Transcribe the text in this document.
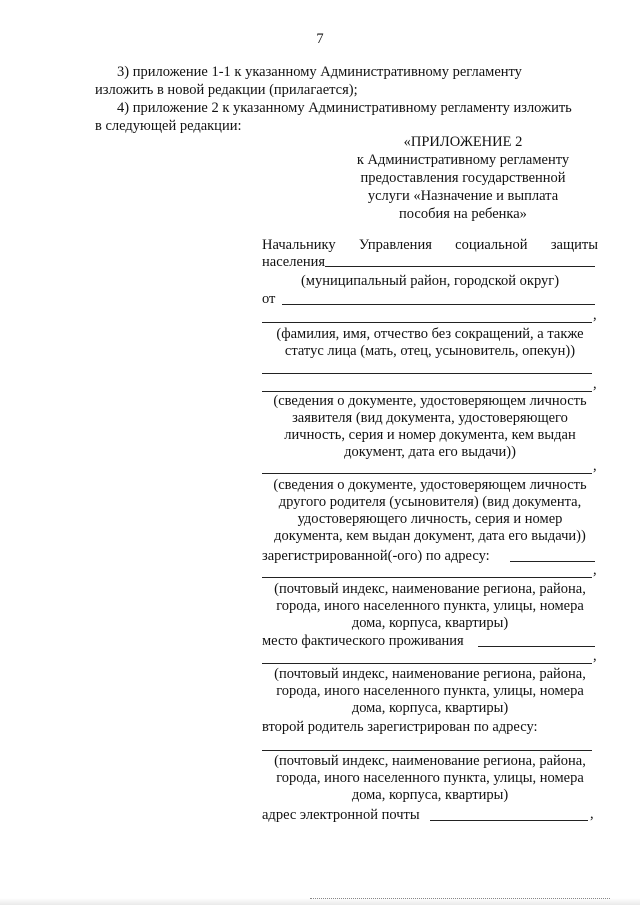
7
3) приложение 1-1 к указанному Административному регламенту
изложить в новой редакции (прилагается);
4) приложение 2 к указанному Административному регламенту изложить
в следующей редакции:
«ПРИЛОЖЕНИЕ 2
к Административному регламенту
предоставления государственной
услуги «Назначение и выплата
пособия на ребенка»
Начальнику Управления социальной защиты
населения
(муниципальный район, городской округ)
от
,
(фамилия, имя, отчество без сокращений, а также статус лица (мать, отец, усыновитель, опекун))
,
(сведения о документе, удостоверяющем личность заявителя (вид документа, удостоверяющего личность, серия и номер документа, кем выдан документ, дата его выдачи))
,
(сведения о документе, удостоверяющем личность другого родителя (усыновителя) (вид документа, удостоверяющего личность, серия и номер документа, кем выдан документ, дата его выдачи))
зарегистрированной(-ого) по адресу:
,
(почтовый индекс, наименование региона, района, города, иного населенного пункта, улицы, номера дома, корпуса, квартиры)
место фактического проживания
,
(почтовый индекс, наименование региона, района, города, иного населенного пункта, улицы, номера дома, корпуса, квартиры)
второй родитель зарегистрирован по адресу:
(почтовый индекс, наименование региона, района, города, иного населенного пункта, улицы, номера дома, корпуса, квартиры)
адрес электронной почты	,
